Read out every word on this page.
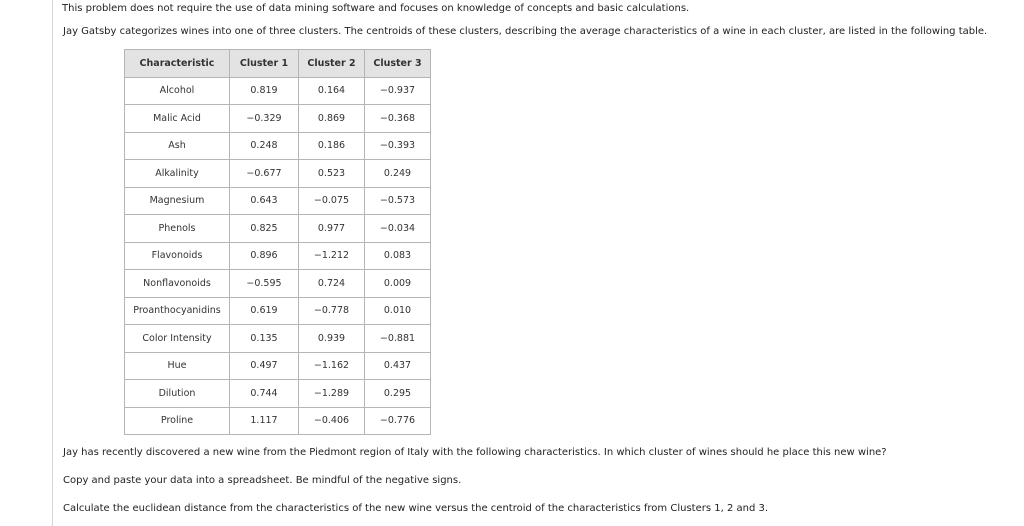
This problem does not require the use of data mining software and focuses on knowledge of concepts and basic calculations.
Jay Gatsby categorizes wines into one of three clusters. The centroids of these clusters, describing the average characteristics of a wine in each cluster, are listed in the following table.
Characteristic	Cluster 1	Cluster 2	Cluster 3
Alcohol	0.819	0.164	−0.937
Malic Acid	−0.329	0.869	−0.368
Ash	0.248	0.186	−0.393
Alkalinity	−0.677	0.523	0.249
Magnesium	0.643	−0.075	−0.573
Phenols	0.825	0.977	−0.034
Flavonoids	0.896	−1.212	0.083
Nonflavonoids	−0.595	0.724	0.009
Proanthocyanidins	0.619	−0.778	0.010
Color Intensity	0.135	0.939	−0.881
Hue	0.497	−1.162	0.437
Dilution	0.744	−1.289	0.295
Proline	1.117	−0.406	−0.776
Jay has recently discovered a new wine from the Piedmont region of Italy with the following characteristics. In which cluster of wines should he place this new wine?
Copy and paste your data into a spreadsheet. Be mindful of the negative signs.
Calculate the euclidean distance from the characteristics of the new wine versus the centroid of the characteristics from Clusters 1, 2 and 3.
